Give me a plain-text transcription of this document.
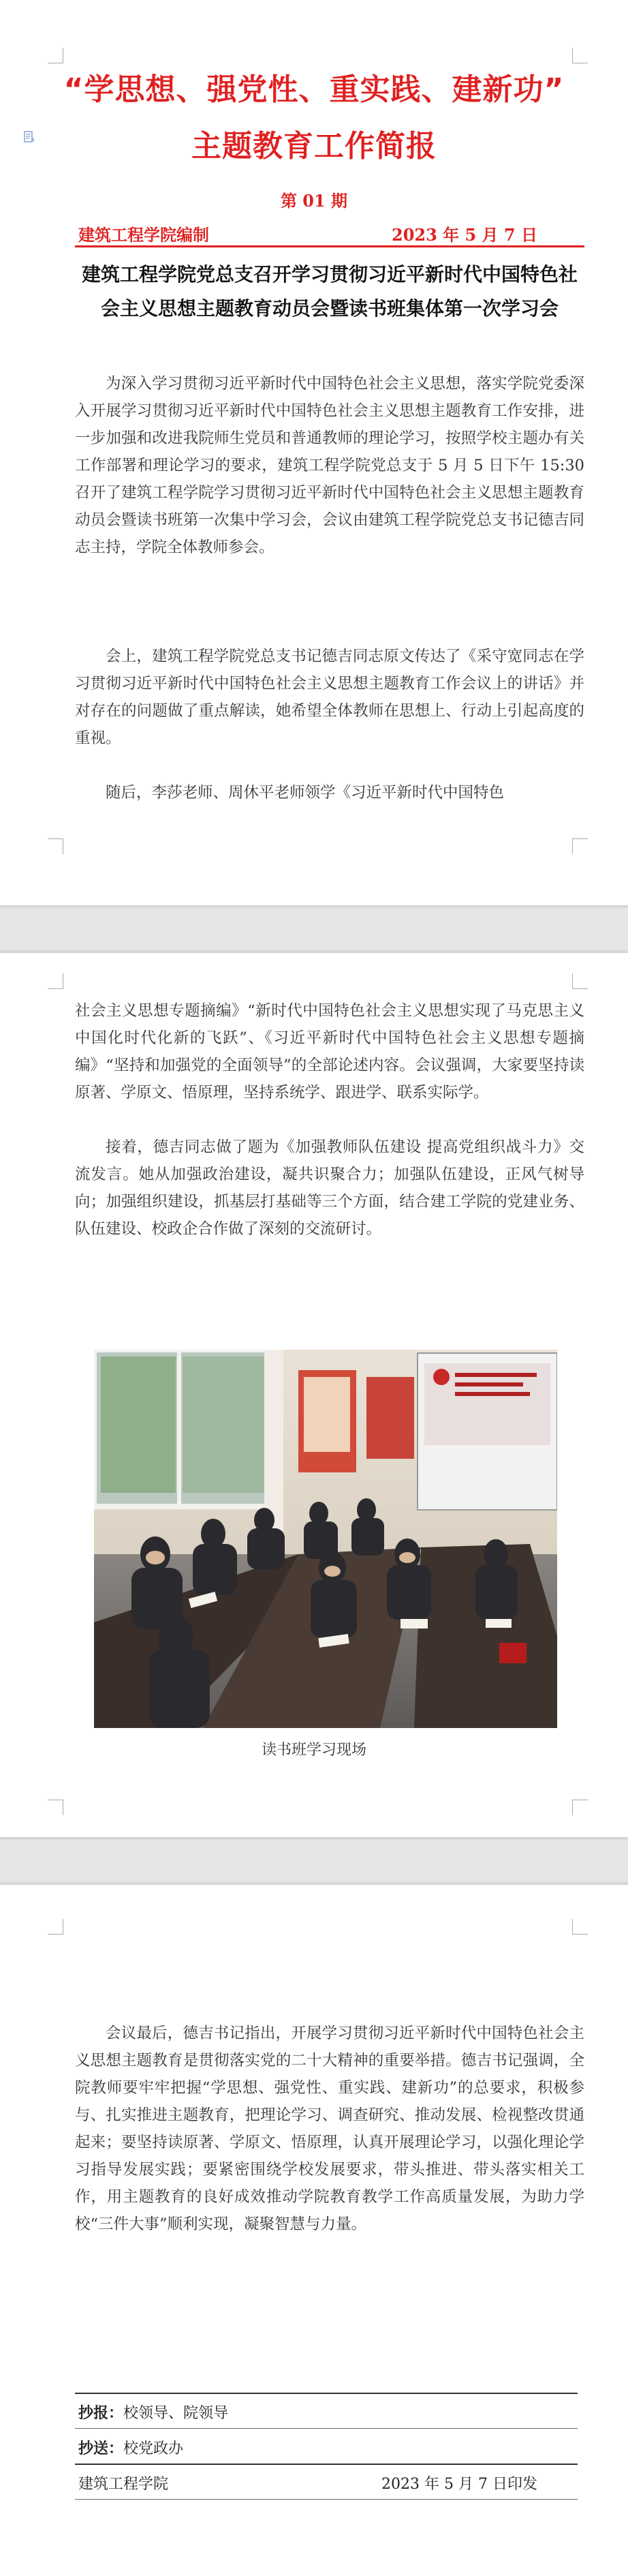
“学思想、强党性、重实践、建新功”
主题教育工作简报
第 01 期
建筑工程学院编制	2023 年 5 月 7 日
建筑工程学院党总支召开学习贯彻习近平新时代中国特色社会主义思想主题教育动员会暨读书班集体第一次学习会

为深入学习贯彻习近平新时代中国特色社会主义思想，落实学院党委深入开展学习贯彻习近平新时代中国特色社会主义思想主题教育工作安排，进一步加强和改进我院师生党员和普通教师的理论学习，按照学校主题办有关工作部署和理论学习的要求，建筑工程学院党总支于 5 月 5 日下午 15:30 召开了建筑工程学院学习贯彻习近平新时代中国特色社会主义思想主题教育动员会暨读书班第一次集中学习会，会议由建筑工程学院党总支书记德吉同志主持，学院全体教师参会。

会上，建筑工程学院党总支书记德吉同志原文传达了《采守宽同志在学习贯彻习近平新时代中国特色社会主义思想主题教育工作会议上的讲话》并对存在的问题做了重点解读，她希望全体教师在思想上、行动上引起高度的重视。

随后，李莎老师、周休平老师领学《习近平新时代中国特色

社会主义思想专题摘编》“新时代中国特色社会主义思想实现了马克思主义中国化时代化新的飞跃”、《习近平新时代中国特色社会主义思想专题摘编》“坚持和加强党的全面领导”的全部论述内容。会议强调，大家要坚持读原著、学原文、悟原理，坚持系统学、跟进学、联系实际学。

接着，德吉同志做了题为《加强教师队伍建设 提高党组织战斗力》交流发言。她从加强政治建设，凝共识聚合力；加强队伍建设，正风气树导向；加强组织建设，抓基层打基础等三个方面，结合建工学院的党建业务、队伍建设、校政企合作做了深刻的交流研讨。

读书班学习现场

会议最后，德吉书记指出，开展学习贯彻习近平新时代中国特色社会主义思想主题教育是贯彻落实党的二十大精神的重要举措。德吉书记强调，全院教师要牢牢把握“学思想、强党性、重实践、建新功”的总要求，积极参与、扎实推进主题教育，把理论学习、调查研究、推动发展、检视整改贯通起来；要坚持读原著、学原文、悟原理，认真开展理论学习，以强化理论学习指导发展实践；要紧密围绕学校发展要求，带头推进、带头落实相关工作，用主题教育的良好成效推动学院教育教学工作高质量发展，为助力学校“三件大事”顺利实现，凝聚智慧与力量。

抄报：校领导、院领导
抄送：校党政办
建筑工程学院	2023 年 5 月 7 日印发
